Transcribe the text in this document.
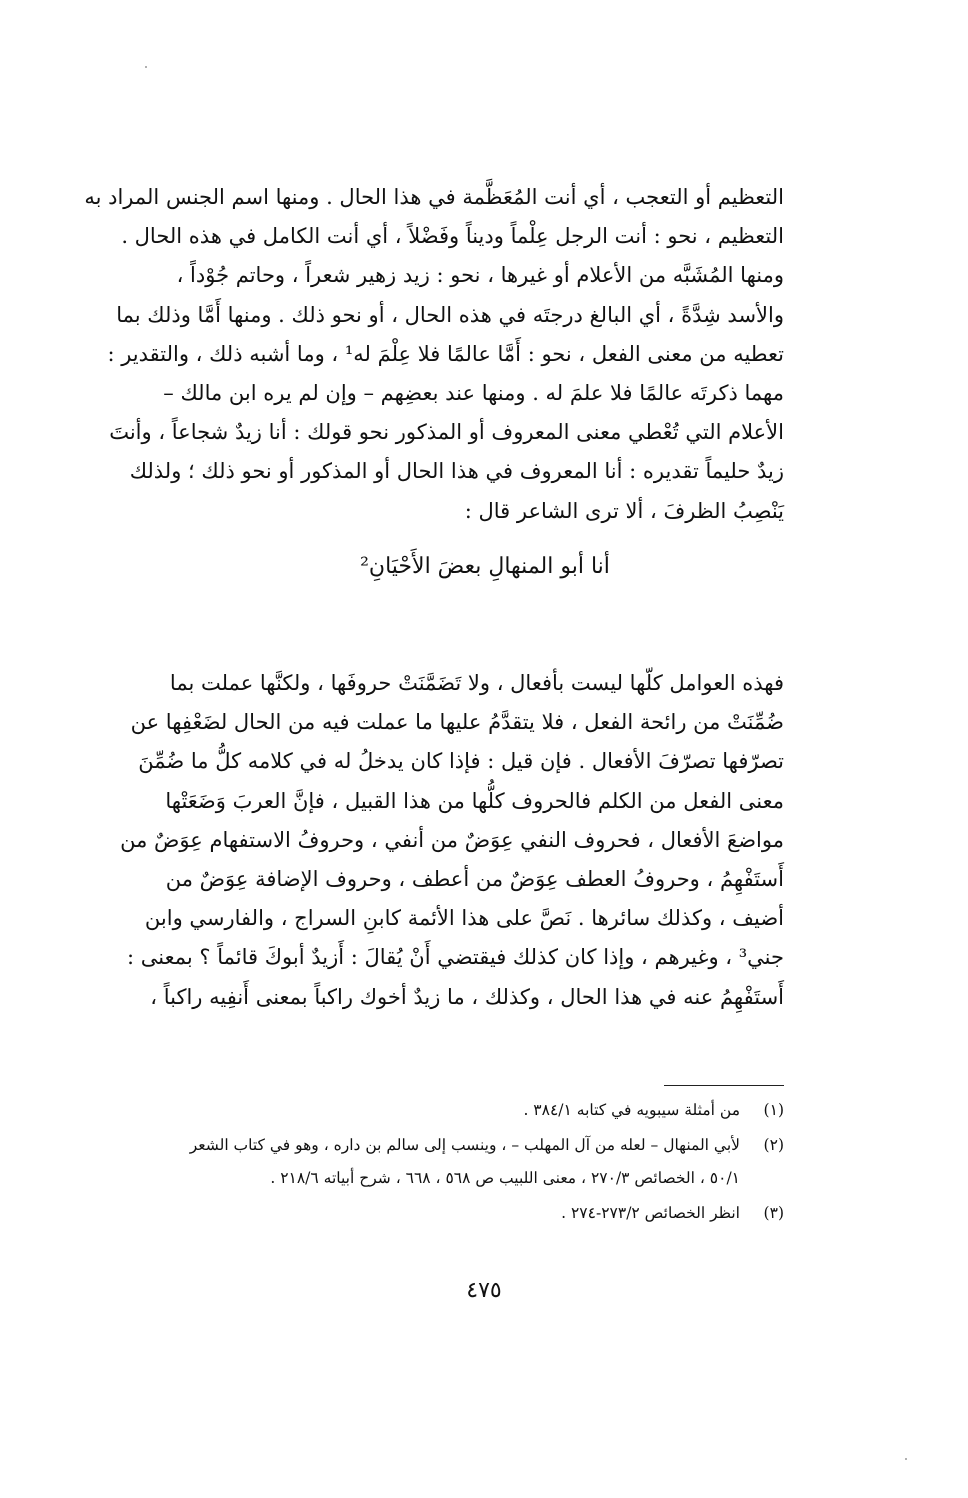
التعظيم أو التعجب ، أي أنت المُعَظَّمة في هذا الحال . ومنها اسم الجنس المراد به
التعظيم ، نحو : أنت الرجل عِلْماً وديناً وفَضْلاً ، أي أنت الكامل في هذه الحال .
ومنها المُشَبَّه من الأعلام أو غيرها ، نحو : زيد زهير شعراً ، وحاتم جُوْداً ،
والأسد شِدَّةً ، أي البالغ درجتَه في هذه الحال ، أو نحو ذلك . ومنها أَمَّا وذلك بما
تعطيه من معنى الفعل ، نحو : أَمَّا عالمًا فلا عِلْمَ له¹ ، وما أشبه ذلك ، والتقدير :
مهما ذكرتَه عالمًا فلا علمَ له . ومنها عند بعضِهم – وإن لم يره ابن مالك –
الأعلام التي تُعْطي معنى المعروف أو المذكور نحو قولك : أنا زيدٌ شجاعاً ، وأنتَ
زيدٌ حليماً تقديره : أنا المعروف في هذا الحال أو المذكور أو نحو ذلك ؛ ولذلك
يَنْصِبُ الظرفَ ، ألا ترى الشاعر قال :
أنا أبو المنهالِ بعضَ الأَحْيَانِ²
فهذه العوامل كلّها ليست بأفعال ، ولا تَضَمَّنَتْ حروفَها ، ولكنَّها عملت بما
ضُمِّنَتْ من رائحة الفعل ، فلا يتقدَّمُ عليها ما عملت فيه من الحال لضَعْفِها عن
تصرّفها تصرّفَ الأفعال . فإن قيل : فإذا كان يدخلُ له في كلامه كلُّ ما ضُمِّنَ
معنى الفعل من الكلم فالحروف كلُّها من هذا القبيل ، فإنَّ العربَ وَضَعَتْها
مواضعَ الأفعال ، فحروف النفي عِوَضٌ من أنفي ، وحروفُ الاستفهام عِوَضٌ من
أَستَفْهِمُ ، وحروفُ العطف عِوَضٌ من أعطف ، وحروف الإضافة عِوَضٌ من
أضيف ، وكذلك سائرها . نَصَّ على هذا الأئمة كابنِ السراج ، والفارسي وابن
جني³ ، وغيرهم ، وإذا كان كذلك فيقتضي أَنْ يُقالَ : أَزيدٌ أبوكَ قائماً ؟ بمعنى :
أَستَفْهِمُ عنه في هذا الحال ، وكذلك ، ما زيدٌ أخوك راكباً بمعنى أَنفِيه راكباً ،
(١)
من أمثلة سيبويه في كتابه ٣٨٤/١ .
(٢)
لأبي المنهال – لعله من آل المهلب – ، وينسب إلى سالم بن داره ، وهو في كتاب الشعر
٥٠/١ ، الخصائص ٢٧٠/٣ ، معنى اللبيب ص ٥٦٨ ، ٦٦٨ ، شرح أبياته ٢١٨/٦ .
(٣)
انظر الخصائص ٢٧٣/٢-٢٧٤ .
٤٧٥
